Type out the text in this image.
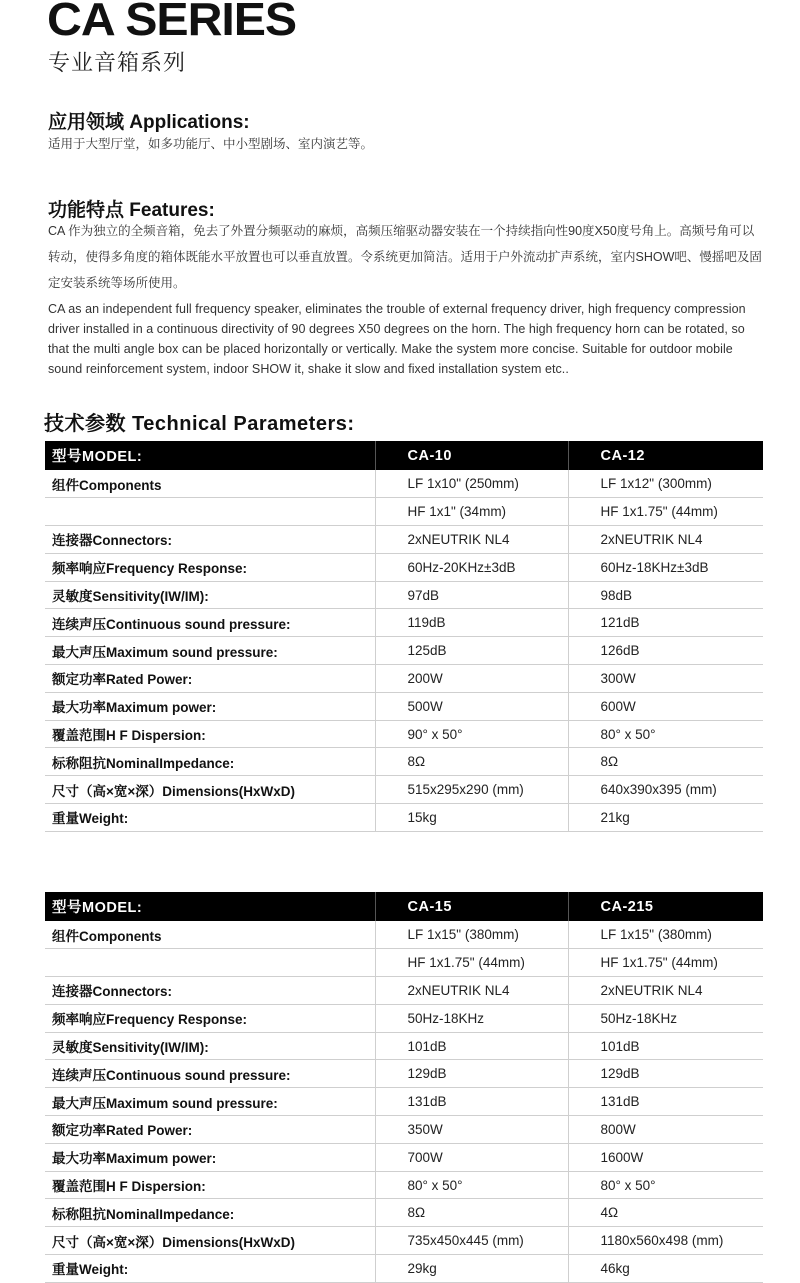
CA SERIES
专业音箱系列
应用领域 Applications:
适用于大型厅堂，如多功能厅、中小型剧场、室内演艺等。
功能特点 Features:
CA 作为独立的全频音箱，免去了外置分频驱动的麻烦，高频压缩驱动器安装在一个持续指向性90度X50度号角上。高频号角可以转动，使得多角度的箱体既能水平放置也可以垂直放置。令系统更加简洁。适用于户外流动扩声系统，室内SHOW吧、慢摇吧及固定安装系统等场所使用。
CA as an independent full frequency speaker, eliminates the trouble of external frequency driver, high frequency compression driver installed in a continuous directivity of 90 degrees X50 degrees on the horn. The high frequency horn can be rotated, so that the multi angle box can be placed horizontally or vertically. Make the system more concise. Suitable for outdoor mobile sound reinforcement system, indoor SHOW it, shake it slow and fixed installation system etc..
技术参数 Technical Parameters:
型号MODEL:	CA-10	CA-12
组件Components	LF 1x10" (250mm)	LF 1x12" (300mm)
	HF 1x1" (34mm)	HF 1x1.75" (44mm)
连接器Connectors:	2xNEUTRIK NL4	2xNEUTRIK NL4
频率响应Frequency Response:	60Hz-20KHz±3dB	60Hz-18KHz±3dB
灵敏度Sensitivity(IW/IM):	97dB	98dB
连续声压Continuous sound pressure:	119dB	121dB
最大声压Maximum sound pressure:	125dB	126dB
额定功率Rated Power:	200W	300W
最大功率Maximum power:	500W	600W
覆盖范围H F Dispersion:	90° x 50°	80° x 50°
标称阻抗NominalImpedance:	8Ω	8Ω
尺寸（高×宽×深）Dimensions(HxWxD)	515x295x290 (mm)	640x390x395 (mm)
重量Weight:	15kg	21kg
型号MODEL:	CA-15	CA-215
组件Components	LF 1x15" (380mm)	LF 1x15" (380mm)
	HF 1x1.75" (44mm)	HF 1x1.75" (44mm)
连接器Connectors:	2xNEUTRIK NL4	2xNEUTRIK NL4
频率响应Frequency Response:	50Hz-18KHz	50Hz-18KHz
灵敏度Sensitivity(IW/IM):	101dB	101dB
连续声压Continuous sound pressure:	129dB	129dB
最大声压Maximum sound pressure:	131dB	131dB
额定功率Rated Power:	350W	800W
最大功率Maximum power:	700W	1600W
覆盖范围H F Dispersion:	80° x 50°	80° x 50°
标称阻抗NominalImpedance:	8Ω	4Ω
尺寸（高×宽×深）Dimensions(HxWxD)	735x450x445 (mm)	1180x560x498 (mm)
重量Weight:	29kg	46kg
